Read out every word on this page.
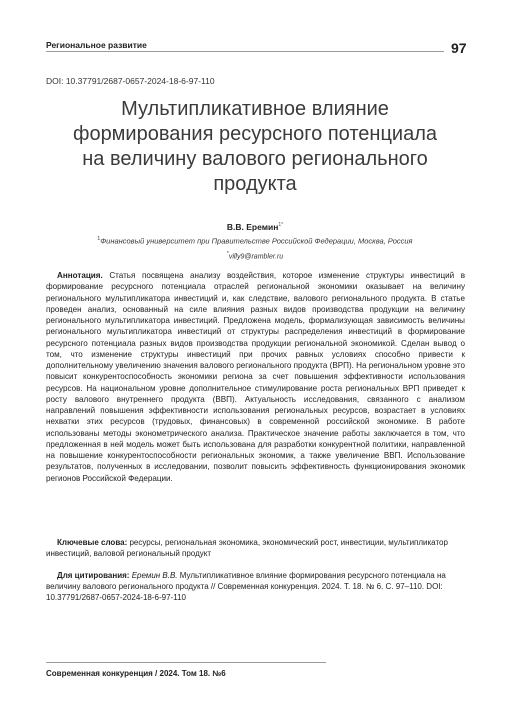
Региональное развитие	97
DOI: 10.37791/2687-0657-2024-18-6-97-110
Мультипликативное влияние
формирования ресурсного потенциала
на величину валового регионального
продукта
В.В. Еремин$^{1*}$
$^1$Финансовый университет при Правительстве Российской Федерации, Москва, Россия
*villy9@rambler.ru

Аннотация. Статья посвящена анализу воздействия, которое изменение структуры инвестиций в формирование ресурсного потенциала отраслей региональной экономики оказывает на величину регионального мультипликатора инвестиций и, как следствие, валового регионального продукта. В статье проведен анализ, основанный на силе влияния разных видов производства продукции на величину регионального мультипликатора инвестиций. Предложена модель, формализующая зависимость величины регионального мультипликатора инвестиций от структуры распределения инвестиций в формирование ресурсного потенциала разных видов производства продукции региональной экономикой. Сделан вывод о том, что изменение структуры инвестиций при прочих равных условиях способно привести к дополнительному увеличению значения валового регионального продукта (ВРП). На региональном уровне это повысит конкурентоспособность экономики региона за счет повышения эффективности использования ресурсов. На национальном уровне дополнительное стимулирование роста региональных ВРП приведет к росту валового внутреннего продукта (ВВП). Актуальность исследования, связанного с анализом направлений повышения эффективности использования региональных ресурсов, возрастает в условиях нехватки этих ресурсов (трудовых, финансовых) в современной российской экономике. В работе использованы методы эконометрического анализа. Практическое значение работы заключается в том, что предложенная в ней модель может быть использована для разработки конкурентной политики, направленной на повышение конкурентоспособности региональных экономик, а также увеличение ВВП. Использование результатов, полученных в исследовании, позволит повысить эффективность функционирования экономик регионов Российской Федерации.

Ключевые слова: ресурсы, региональная экономика, экономический рост, инвестиции, мультипликатор инвестиций, валовой региональный продукт

Для цитирования: Еремин В.В. Мультипликативное влияние формирования ресурсного потенциала на величину валового регионального продукта // Современная конкуренция. 2024. Т. 18. № 6. С. 97–110. DOI: 10.37791/2687-0657-2024-18-6-97-110

Современная конкуренция / 2024. Том 18. №6
